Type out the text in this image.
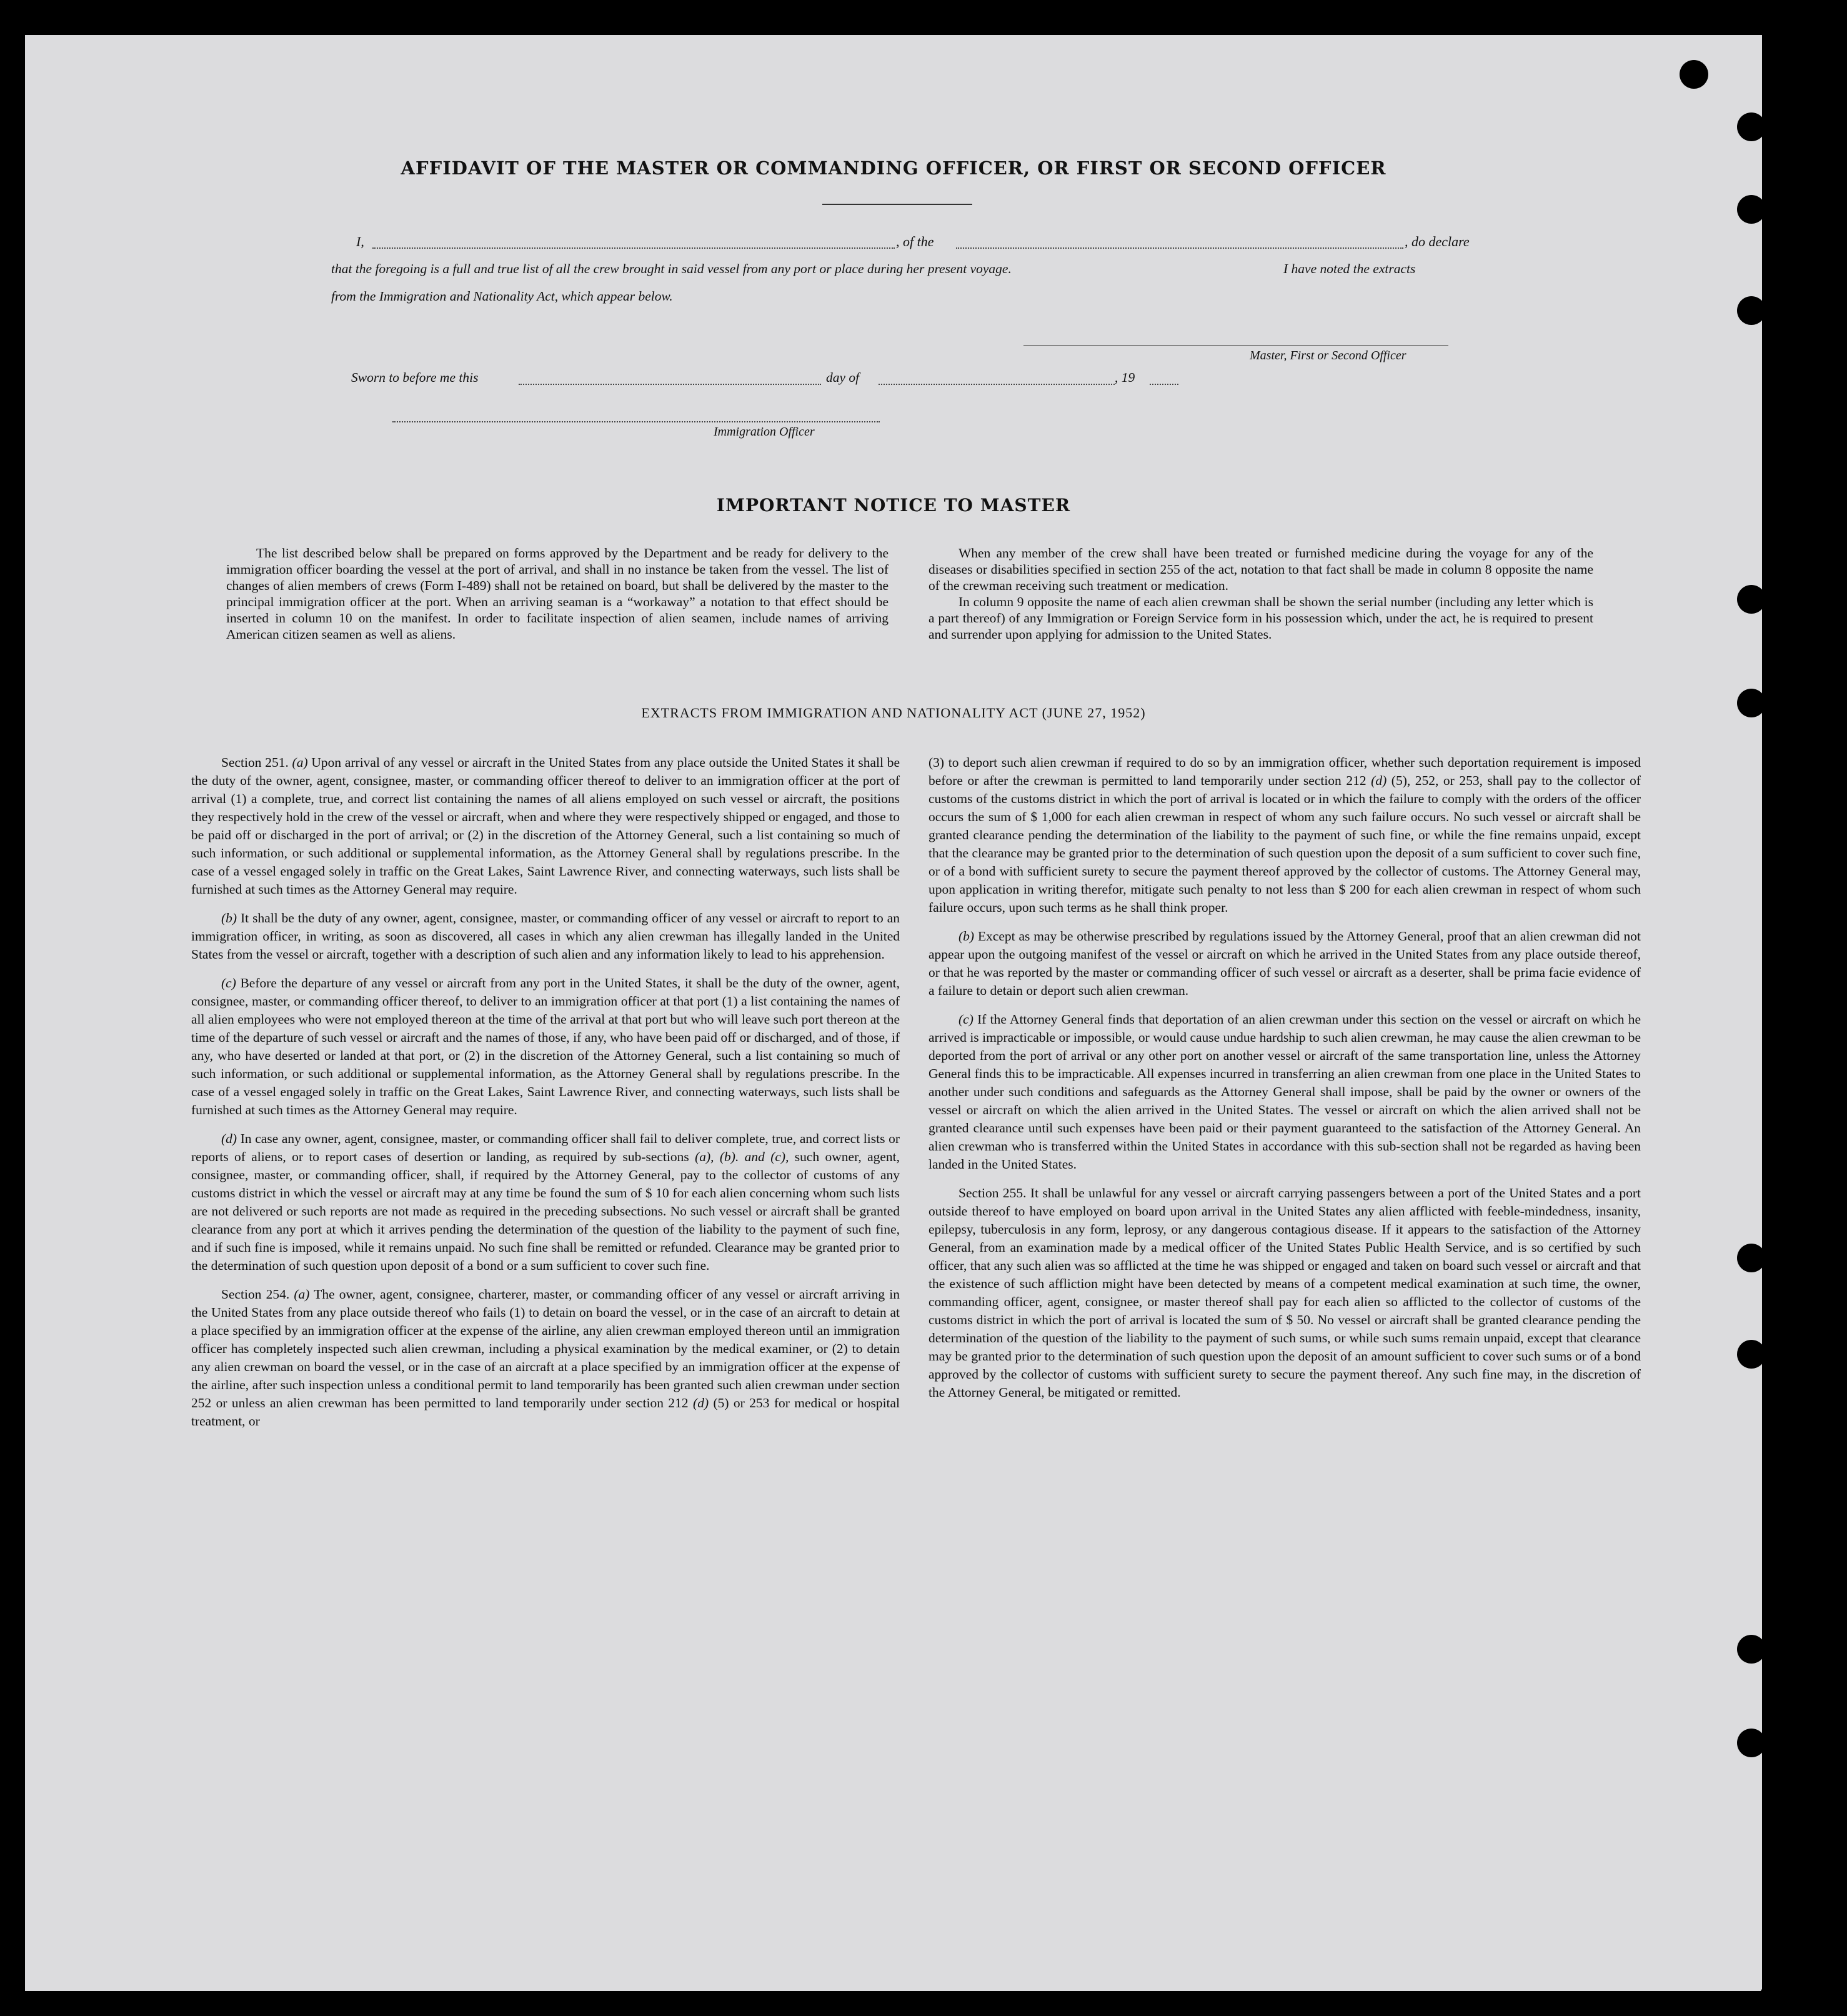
AFFIDAVIT OF THE MASTER OR COMMANDING OFFICER, OR FIRST OR SECOND OFFICER
I,	, of the	, do declare
that the foregoing is a full and true list of all the crew brought in said vessel from any port or place during her present voyage.	I have noted the extracts
from the Immigration and Nationality Act, which appear below.
Master, First or Second Officer
Sworn to before me this	day of	, 19
Immigration Officer
IMPORTANT NOTICE TO MASTER

The list described below shall be prepared on forms approved by the Department and be ready for delivery to the immigration officer boarding the vessel at the port of arrival, and shall in no instance be taken from the vessel. The list of changes of alien members of crews (Form I-489) shall not be retained on board, but shall be delivered by the master to the principal immigration officer at the port. When an arriving seaman is a “workaway” a notation to that effect should be inserted in column 10 on the manifest. In order to facilitate inspection of alien seamen, include names of arriving American citizen seamen as well as aliens.

When any member of the crew shall have been treated or furnished medicine during the voyage for any of the diseases or disabilities specified in section 255 of the act, notation to that fact shall be made in column 8 opposite the name of the crewman receiving such treatment or medication.

In column 9 opposite the name of each alien crewman shall be shown the serial number (including any letter which is a part thereof) of any Immigration or Foreign Service form in his possession which, under the act, he is required to present and surrender upon applying for admission to the United States.

EXTRACTS FROM IMMIGRATION AND NATIONALITY ACT (JUNE 27, 1952)

Section 251. (a) Upon arrival of any vessel or aircraft in the United States from any place outside the United States it shall be the duty of the owner, agent, consignee, master, or commanding officer thereof to deliver to an immigration officer at the port of arrival (1) a complete, true, and correct list containing the names of all aliens employed on such vessel or aircraft, the positions they respectively hold in the crew of the vessel or aircraft, when and where they were respectively shipped or engaged, and those to be paid off or discharged in the port of arrival; or (2) in the discretion of the Attorney General, such a list containing so much of such information, or such additional or supplemental information, as the Attorney General shall by regulations prescribe. In the case of a vessel engaged solely in traffic on the Great Lakes, Saint Lawrence River, and connecting waterways, such lists shall be furnished at such times as the Attorney General may require.

(b) It shall be the duty of any owner, agent, consignee, master, or commanding officer of any vessel or aircraft to report to an immigration officer, in writing, as soon as discovered, all cases in which any alien crewman has illegally landed in the United States from the vessel or aircraft, together with a description of such alien and any information likely to lead to his apprehension.

(c) Before the departure of any vessel or aircraft from any port in the United States, it shall be the duty of the owner, agent, consignee, master, or commanding officer thereof, to deliver to an immigration officer at that port (1) a list containing the names of all alien employees who were not employed thereon at the time of the arrival at that port but who will leave such port thereon at the time of the departure of such vessel or aircraft and the names of those, if any, who have been paid off or discharged, and of those, if any, who have deserted or landed at that port, or (2) in the discretion of the Attorney General, such a list containing so much of such information, or such additional or supplemental information, as the Attorney General shall by regulations prescribe. In the case of a vessel engaged solely in traffic on the Great Lakes, Saint Lawrence River, and connecting waterways, such lists shall be furnished at such times as the Attorney General may require.

(d) In case any owner, agent, consignee, master, or commanding officer shall fail to deliver complete, true, and correct lists or reports of aliens, or to report cases of desertion or landing, as required by sub-sections (a), (b). and (c), such owner, agent, consignee, master, or commanding officer, shall, if required by the Attorney General, pay to the collector of customs of any customs district in which the vessel or aircraft may at any time be found the sum of $ 10 for each alien concerning whom such lists are not delivered or such reports are not made as required in the preceding subsections. No such vessel or aircraft shall be granted clearance from any port at which it arrives pending the determination of the question of the liability to the payment of such fine, and if such fine is imposed, while it remains unpaid. No such fine shall be remitted or refunded. Clearance may be granted prior to the determination of such question upon deposit of a bond or a sum sufficient to cover such fine.

Section 254. (a) The owner, agent, consignee, charterer, master, or commanding officer of any vessel or aircraft arriving in the United States from any place outside thereof who fails (1) to detain on board the vessel, or in the case of an aircraft to detain at a place specified by an immigration officer at the expense of the airline, any alien crewman employed thereon until an immigration officer has completely inspected such alien crewman, including a physical examination by the medical examiner, or (2) to detain any alien crewman on board the vessel, or in the case of an aircraft at a place specified by an immigration officer at the expense of the airline, after such inspection unless a conditional permit to land temporarily has been granted such alien crewman under section 252 or unless an alien crewman has been permitted to land temporarily under section 212 (d) (5) or 253 for medical or hospital treatment, or

(3) to deport such alien crewman if required to do so by an immigration officer, whether such deportation requirement is imposed before or after the crewman is permitted to land temporarily under section 212 (d) (5), 252, or 253, shall pay to the collector of customs of the customs district in which the port of arrival is located or in which the failure to comply with the orders of the officer occurs the sum of $ 1,000 for each alien crewman in respect of whom any such failure occurs. No such vessel or aircraft shall be granted clearance pending the determination of the liability to the payment of such fine, or while the fine remains unpaid, except that the clearance may be granted prior to the determination of such question upon the deposit of a sum sufficient to cover such fine, or of a bond with sufficient surety to secure the payment thereof approved by the collector of customs. The Attorney General may, upon application in writing therefor, mitigate such penalty to not less than $ 200 for each alien crewman in respect of whom such failure occurs, upon such terms as he shall think proper.

(b) Except as may be otherwise prescribed by regulations issued by the Attorney General, proof that an alien crewman did not appear upon the outgoing manifest of the vessel or aircraft on which he arrived in the United States from any place outside thereof, or that he was reported by the master or commanding officer of such vessel or aircraft as a deserter, shall be prima facie evidence of a failure to detain or deport such alien crewman.

(c) If the Attorney General finds that deportation of an alien crewman under this section on the vessel or aircraft on which he arrived is impracticable or impossible, or would cause undue hardship to such alien crewman, he may cause the alien crewman to be deported from the port of arrival or any other port on another vessel or aircraft of the same transportation line, unless the Attorney General finds this to be impracticable. All expenses incurred in transferring an alien crewman from one place in the United States to another under such conditions and safeguards as the Attorney General shall impose, shall be paid by the owner or owners of the vessel or aircraft on which the alien arrived in the United States. The vessel or aircraft on which the alien arrived shall not be granted clearance until such expenses have been paid or their payment guaranteed to the satisfaction of the Attorney General. An alien crewman who is transferred within the United States in accordance with this sub-section shall not be regarded as having been landed in the United States.

Section 255. It shall be unlawful for any vessel or aircraft carrying passengers between a port of the United States and a port outside thereof to have employed on board upon arrival in the United States any alien afflicted with feeble-mindedness, insanity, epilepsy, tuberculosis in any form, leprosy, or any dangerous contagious disease. If it appears to the satisfaction of the Attorney General, from an examination made by a medical officer of the United States Public Health Service, and is so certified by such officer, that any such alien was so afflicted at the time he was shipped or engaged and taken on board such vessel or aircraft and that the existence of such affliction might have been detected by means of a competent medical examination at such time, the owner, commanding officer, agent, consignee, or master thereof shall pay for each alien so afflicted to the collector of customs of the customs district in which the port of arrival is located the sum of $ 50. No vessel or aircraft shall be granted clearance pending the determination of the question of the liability to the payment of such sums, or while such sums remain unpaid, except that clearance may be granted prior to the determination of such question upon the deposit of an amount sufficient to cover such sums or of a bond approved by the collector of customs with sufficient surety to secure the payment thereof. Any such fine may, in the discretion of the Attorney General, be mitigated or remitted.
